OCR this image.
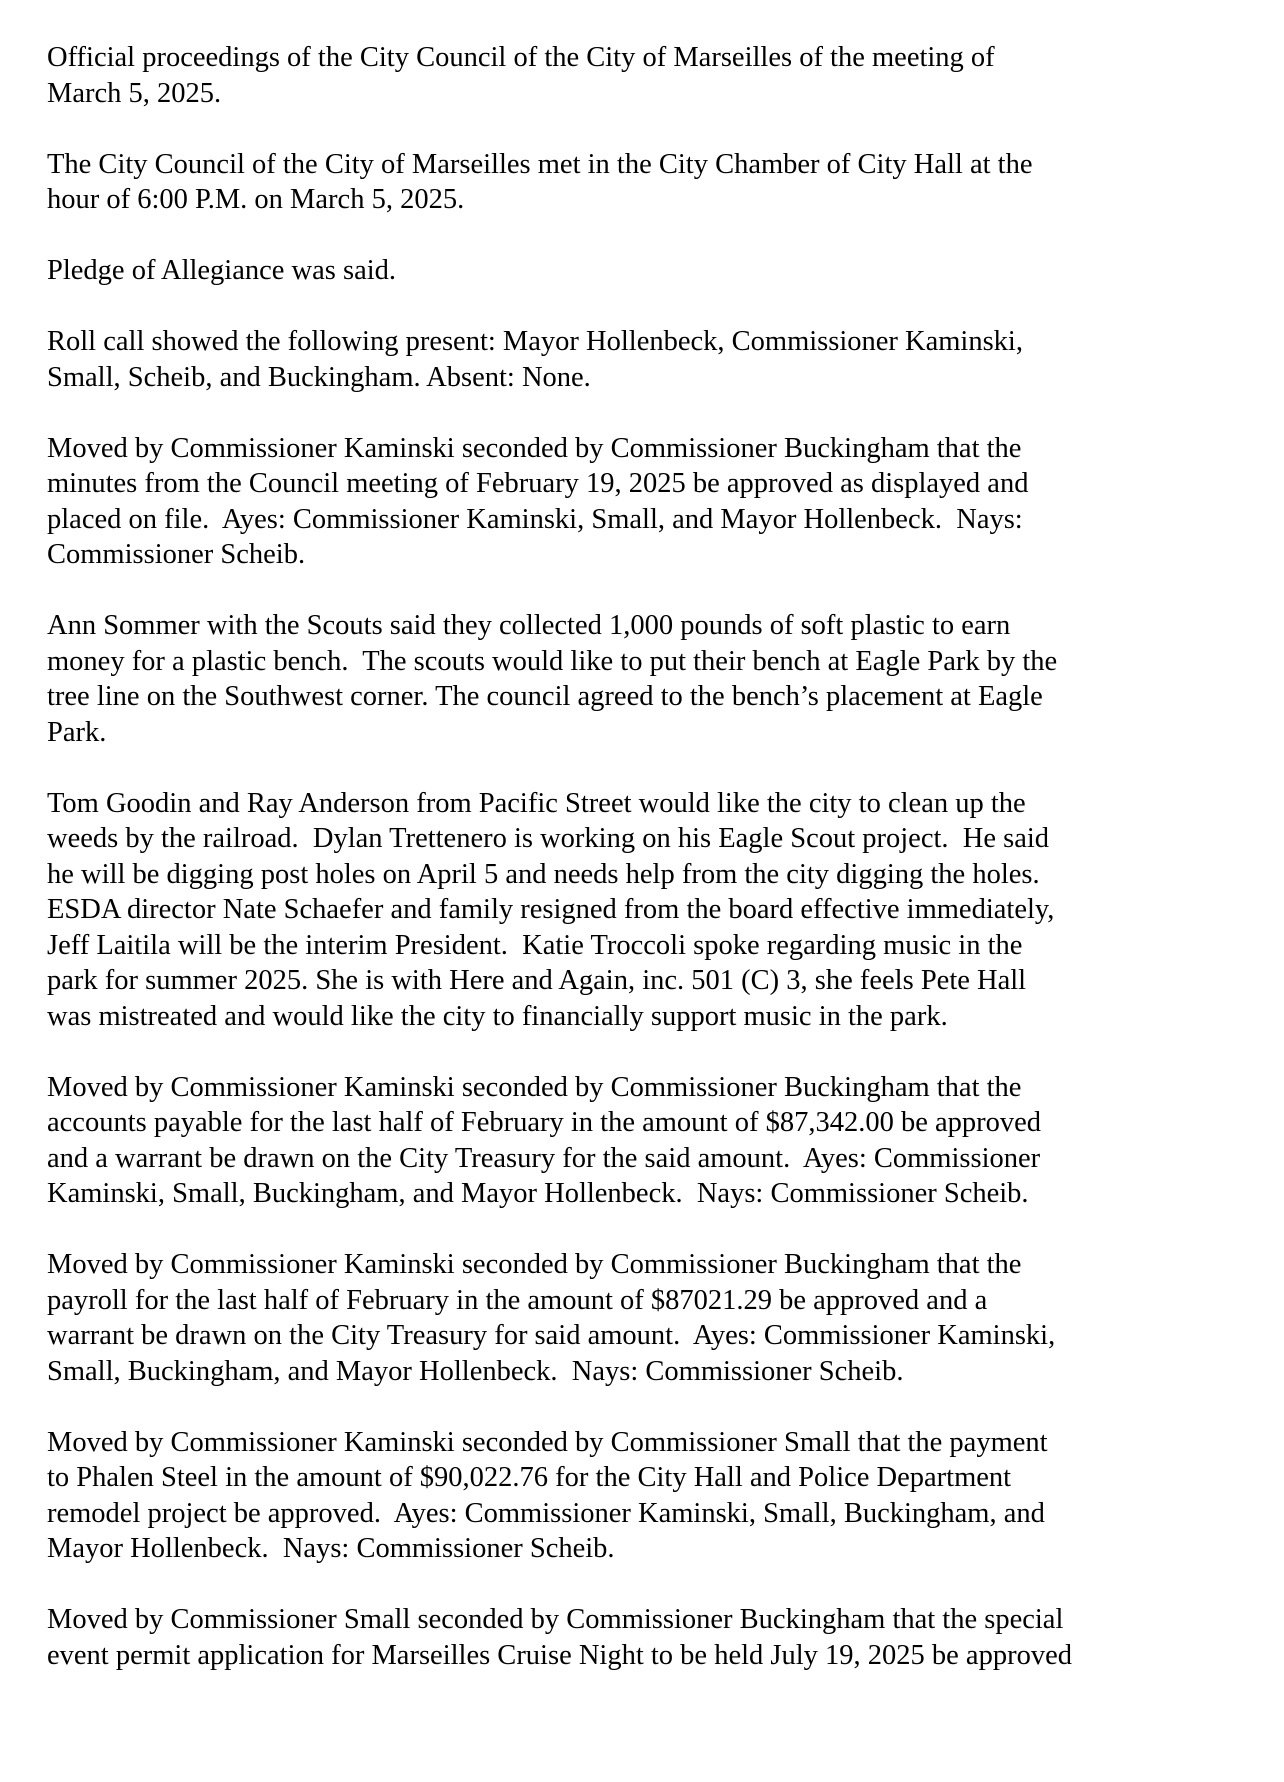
Official proceedings of the City Council of the City of Marseilles of the meeting of
March 5, 2025.

The City Council of the City of Marseilles met in the City Chamber of City Hall at the
hour of 6:00 P.M. on March 5, 2025.

Pledge of Allegiance was said.

Roll call showed the following present: Mayor Hollenbeck, Commissioner Kaminski,
Small, Scheib, and Buckingham. Absent: None.

Moved by Commissioner Kaminski seconded by Commissioner Buckingham that the
minutes from the Council meeting of February 19, 2025 be approved as displayed and
placed on file.  Ayes: Commissioner Kaminski, Small, and Mayor Hollenbeck.  Nays:
Commissioner Scheib.

Ann Sommer with the Scouts said they collected 1,000 pounds of soft plastic to earn
money for a plastic bench.  The scouts would like to put their bench at Eagle Park by the
tree line on the Southwest corner. The council agreed to the bench’s placement at Eagle
Park.

Tom Goodin and Ray Anderson from Pacific Street would like the city to clean up the
weeds by the railroad.  Dylan Trettenero is working on his Eagle Scout project.  He said
he will be digging post holes on April 5 and needs help from the city digging the holes.
ESDA director Nate Schaefer and family resigned from the board effective immediately,
Jeff Laitila will be the interim President.  Katie Troccoli spoke regarding music in the
park for summer 2025. She is with Here and Again, inc. 501 (C) 3, she feels Pete Hall
was mistreated and would like the city to financially support music in the park.

Moved by Commissioner Kaminski seconded by Commissioner Buckingham that the
accounts payable for the last half of February in the amount of $87,342.00 be approved
and a warrant be drawn on the City Treasury for the said amount.  Ayes: Commissioner
Kaminski, Small, Buckingham, and Mayor Hollenbeck.  Nays: Commissioner Scheib.

Moved by Commissioner Kaminski seconded by Commissioner Buckingham that the
payroll for the last half of February in the amount of $87021.29 be approved and a
warrant be drawn on the City Treasury for said amount.  Ayes: Commissioner Kaminski,
Small, Buckingham, and Mayor Hollenbeck.  Nays: Commissioner Scheib.

Moved by Commissioner Kaminski seconded by Commissioner Small that the payment
to Phalen Steel in the amount of $90,022.76 for the City Hall and Police Department
remodel project be approved.  Ayes: Commissioner Kaminski, Small, Buckingham, and
Mayor Hollenbeck.  Nays: Commissioner Scheib.

Moved by Commissioner Small seconded by Commissioner Buckingham that the special
event permit application for Marseilles Cruise Night to be held July 19, 2025 be approved
